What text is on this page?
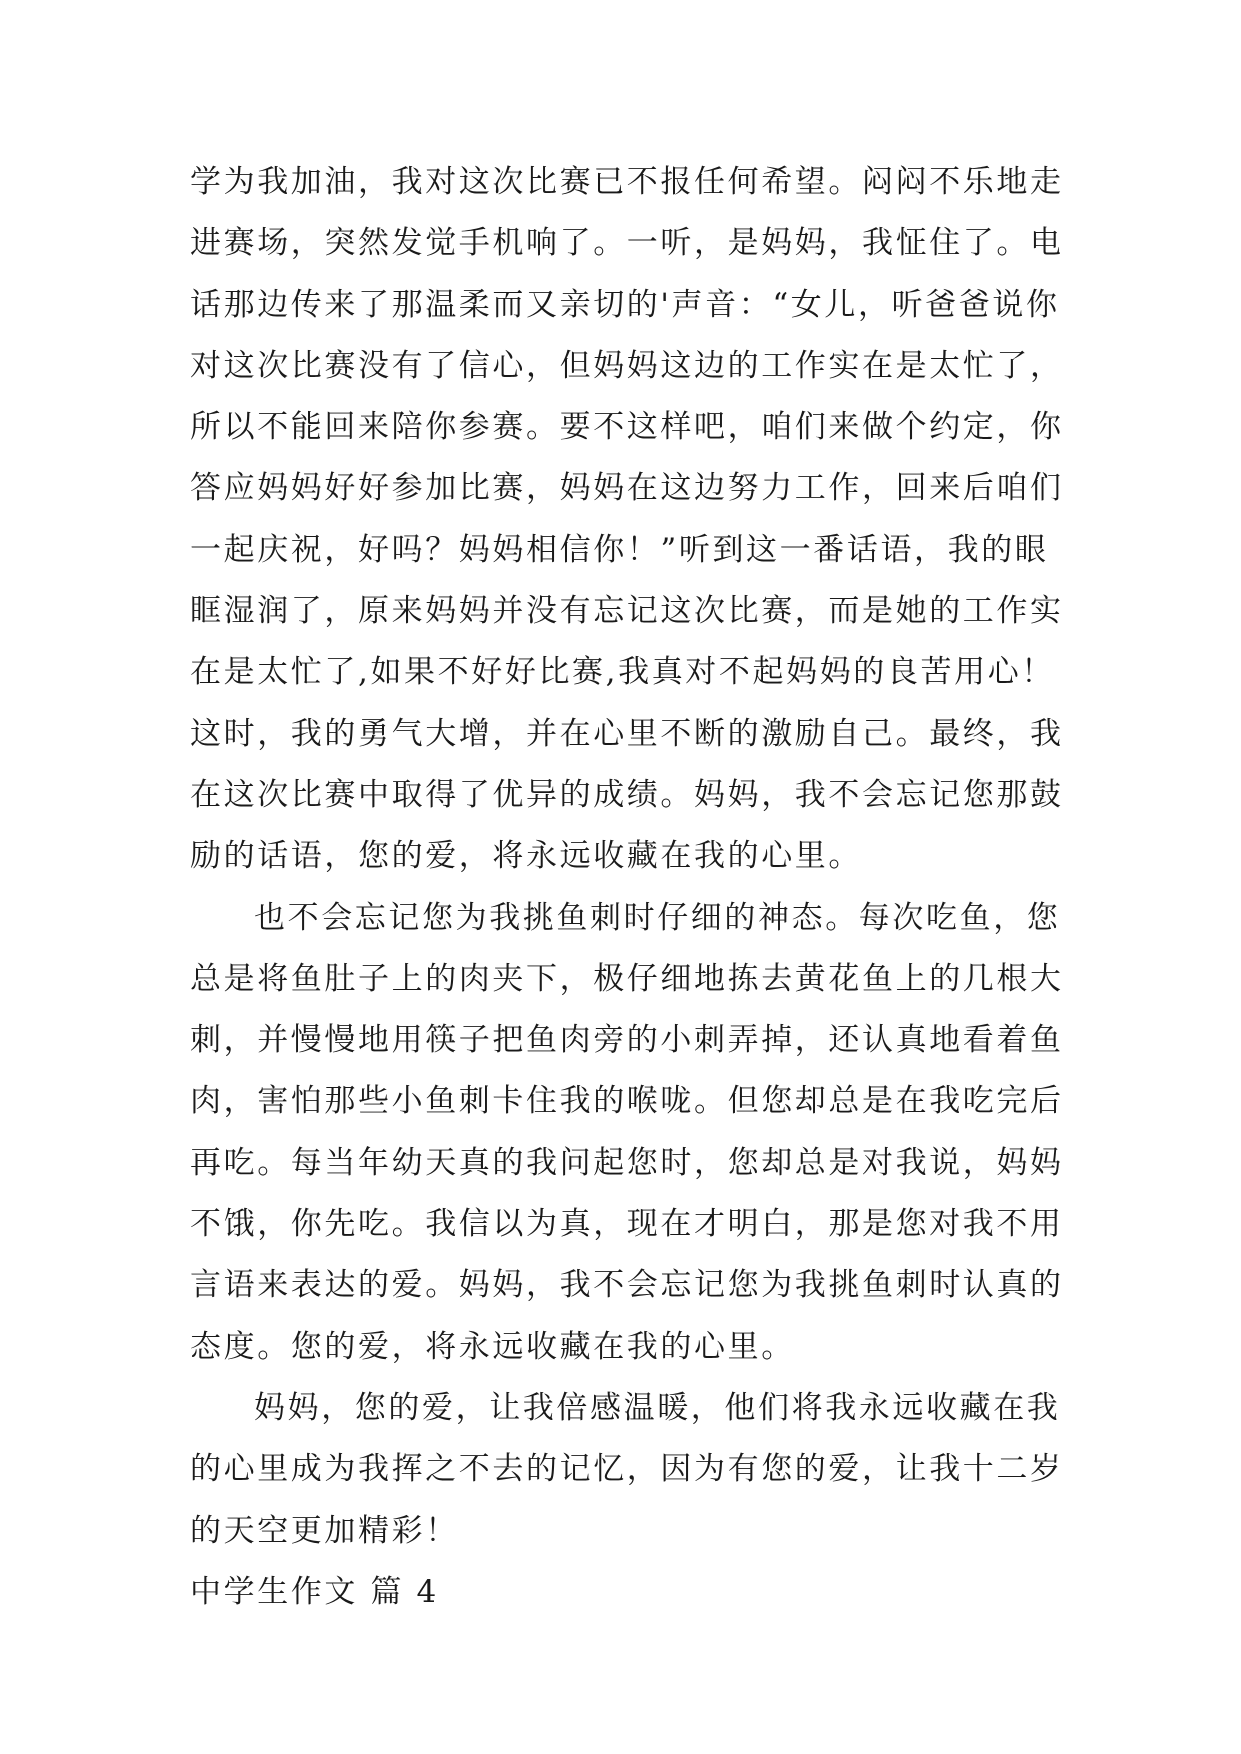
学为我加油，我对这次比赛已不报任何希望。闷闷不乐地走
进赛场，突然发觉手机响了。一听，是妈妈，我怔住了。电
话那边传来了那温柔而又亲切的'声音：“女儿，听爸爸说你
对这次比赛没有了信心，但妈妈这边的工作实在是太忙了，
所以不能回来陪你参赛。要不这样吧，咱们来做个约定，你
答应妈妈好好参加比赛，妈妈在这边努力工作，回来后咱们
一起庆祝，好吗？妈妈相信你！”听到这一番话语，我的眼
眶湿润了，原来妈妈并没有忘记这次比赛，而是她的工作实
在是太忙了,如果不好好比赛,我真对不起妈妈的良苦用心！
这时，我的勇气大增，并在心里不断的激励自己。最终，我
在这次比赛中取得了优异的成绩。妈妈，我不会忘记您那鼓
励的话语，您的爱，将永远收藏在我的心里。
也不会忘记您为我挑鱼刺时仔细的神态。每次吃鱼，您
总是将鱼肚子上的肉夹下，极仔细地拣去黄花鱼上的几根大
刺，并慢慢地用筷子把鱼肉旁的小刺弄掉，还认真地看着鱼
肉，害怕那些小鱼刺卡住我的喉咙。但您却总是在我吃完后
再吃。每当年幼天真的我问起您时，您却总是对我说，妈妈
不饿，你先吃。我信以为真，现在才明白，那是您对我不用
言语来表达的爱。妈妈，我不会忘记您为我挑鱼刺时认真的
态度。您的爱，将永远收藏在我的心里。
妈妈，您的爱，让我倍感温暖，他们将我永远收藏在我
的心里成为我挥之不去的记忆，因为有您的爱，让我十二岁
的天空更加精彩！
中学生作文 篇 4
